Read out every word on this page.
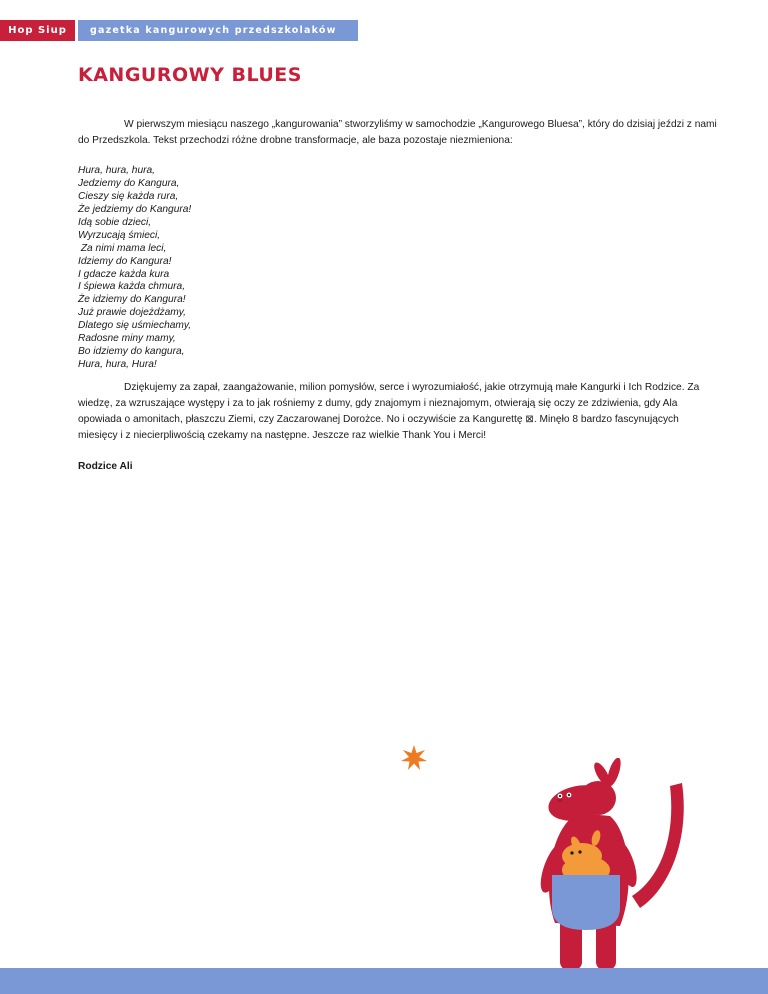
Hop Siup	gazetka kangurowych przedszkolaków
KANGUROWY BLUES

W pierwszym miesiącu naszego „kangurowania” stworzyliśmy w samochodzie „Kangurowego Bluesa”, który do dzisiaj jeździ z nami do Przedszkola. Tekst przechodzi różne drobne transformacje, ale baza pozostaje niezmieniona:

Hura, hura, hura,
Jedziemy do Kangura,
Cieszy się każda rura,
Że jedziemy do Kangura!
Idą sobie dzieci,
Wyrzucają śmieci,
Za nimi mama leci,
Idziemy do Kangura!
I gdacze każda kura
I śpiewa każda chmura,
Że idziemy do Kangura!
Już prawie dojeżdżamy,
Dlatego się uśmiechamy,
Radosne miny mamy,
Bo idziemy do kangura,
Hura, hura, Hura!

Dziękujemy za zapał, zaangażowanie, milion pomysłów, serce i wyrozumiałość, jakie otrzymują małe Kangurki i Ich Rodzice. Za wiedzę, za wzruszające występy i za to jak rośniemy z dumy, gdy znajomym i nieznajomym, otwierają się oczy ze zdziwienia, gdy Ala opowiada o amonitach, płaszczu Ziemi, czy Zaczarowanej Dorożce. No i oczywiście za Kangurettę ⊠. Minęło 8 bardzo fascynujących miesięcy i z niecierpliwością czekamy na następne. Jeszcze raz wielkie Thank You i Merci!

Rodzice Ali
